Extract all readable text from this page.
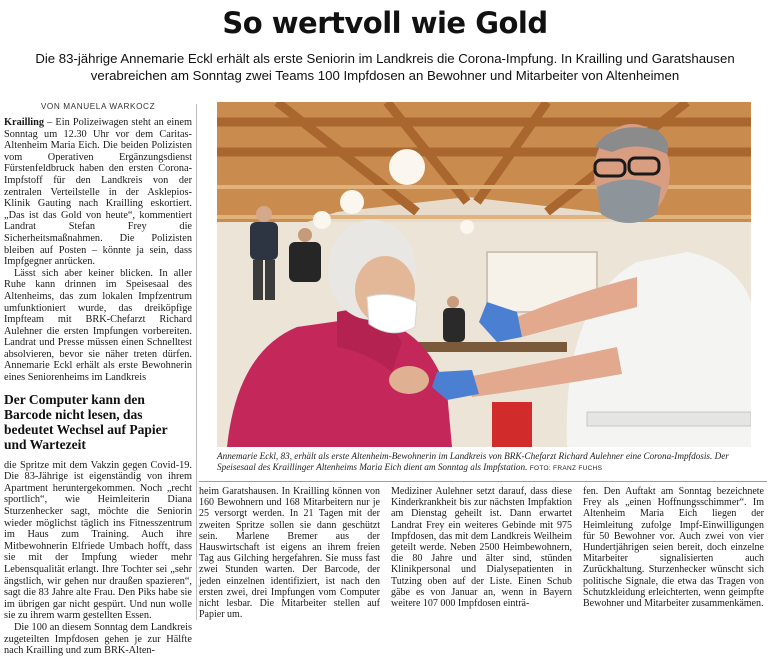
So wertvoll wie Gold
Die 83-jährige Annemarie Eckl erhält als erste Seniorin im Landkreis die Corona-Impfung. In Krailling und Garatshausen verabreichen am Sonntag zwei Teams 100 Impfdosen an Bewohner und Mitarbeiter von Altenheimen
VON MANUELA WARKOCZ

Krailling – Ein Polizeiwagen steht an einem Sonntag um 12.30 Uhr vor dem Caritas-Altenheim Maria Eich. Die beiden Polizisten vom Operativen Ergänzungsdienst Fürstenfeldbruck haben den ersten Corona-Impfstoff für den Landkreis von der zentralen Verteilstelle in der Asklepios-Klinik Gauting nach Krailling eskortiert. „Das ist das Gold von heute“, kommentiert Landrat Stefan Frey die Sicherheitsmaßnahmen. Die Polizisten bleiben auf Posten – könnte ja sein, dass Impfgegner anrücken.

Lässt sich aber keiner blicken. In aller Ruhe kann drinnen im Speisesaal des Altenheims, das zum lokalen Impfzentrum umfunktioniert wurde, das dreiköpfige Impfteam mit BRK-Chefarzt Richard Aulehner die ersten Impfungen vorbereiten. Landrat und Presse müssen einen Schnelltest absolvieren, bevor sie näher treten dürfen. Annemarie Eckl erhält als erste Bewohnerin eines Seniorenheims im Landkreis

Der Computer kann den Barcode nicht lesen, das bedeutet Wechsel auf Papier und Wartezeit

die Spritze mit dem Vakzin gegen Covid-19. Die 83-Jährige ist eigenständig von ihrem Apartment heruntergekommen. Noch „recht sportlich“, wie Heimleiterin Diana Sturzenhecker sagt, möchte die Seniorin wieder möglichst täglich ins Fitnesszentrum im Haus zum Training. Auch ihre Mitbewohnerin Elfriede Umbach hofft, dass sie mit der Impfung wieder mehr Lebensqualität erlangt. Ihre Tochter sei „sehr ängstlich, wir gehen nur draußen spazieren“, sagt die 83 Jahre alte Frau. Den Piks habe sie im übrigen gar nicht gespürt. Und nun wolle sie zu ihrem warm gestellten Essen.

Die 100 an diesem Sonntag dem Landkreis zugeteilten Impfdosen gehen je zur Hälfte nach Krailling und zum BRK-Alten-

Annemarie Eckl, 83, erhält als erste Altenheim-Bewohnerin im Landkreis von BRK-Chefarzt Richard Aulehner eine Corona-Impfdosis. Der Speisesaal des Kraillinger Altenheims Maria Eich dient am Sonntag als Impfstation. FOTO: FRANZ FUCHS

heim Garatshausen. In Krailling können von 160 Bewohnern und 168 Mitarbeitern nur je 25 versorgt werden. In 21 Tagen mit der zweiten Spritze sollen sie dann geschützt sein. Marlene Bremer aus der Hauswirtschaft ist eigens an ihrem freien Tag aus Gilching hergefahren. Sie muss fast zwei Stunden warten. Der Barcode, der jeden einzelnen identifiziert, ist nach den ersten zwei, drei Impfungen vom Computer nicht lesbar. Die Mitarbeiter stellen auf Papier um.

Mediziner Aulehner setzt darauf, dass diese Kinderkrankheit bis zur nächsten Impfaktion am Dienstag geheilt ist. Dann erwartet Landrat Frey ein weiteres Gebinde mit 975 Impfdosen, das mit dem Landkreis Weilheim geteilt werde. Neben 2500 Heimbewohnern, die 80 Jahre und älter sind, stünden Klinikpersonal und Dialysepatienten in Tutzing oben auf der Liste. Einen Schub gäbe es von Januar an, wenn in Bayern weitere 107 000 Impfdosen einträ-

fen. Den Auftakt am Sonntag bezeichnete Frey als „einen Hoffnungsschimmer“. Im Altenheim Maria Eich liegen der Heimleitung zufolge Impf-Einwilligungen für 50 Bewohner vor. Auch zwei von vier Hundertjährigen seien bereit, doch einzelne Mitarbeiter signalisierten auch Zurückhaltung. Sturzenhecker wünscht sich politische Signale, die etwa das Tragen von Schutzkleidung erleichterten, wenn geimpfte Bewohner und Mitarbeiter zusammenkämen.
